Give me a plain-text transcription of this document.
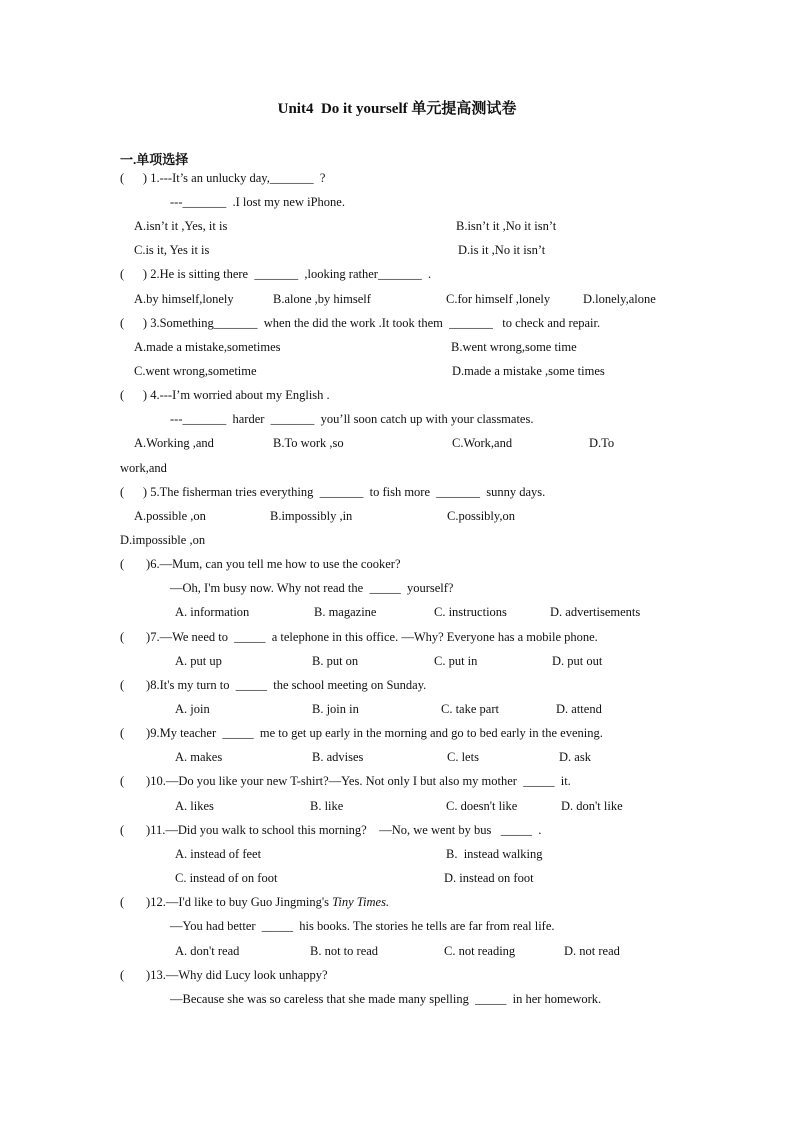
Unit4  Do it yourself 单元提高测试卷
一.单项选择
(      ) 1.---It’s an unlucky day,_______  ?
---_______  .I lost my new iPhone.
A.isn’t it ,Yes, it is	B.isn’t it ,No it isn’t
C.is it, Yes it is	D.is it ,No it isn’t
(      ) 2.He is sitting there  _______  ,looking rather_______  .
A.by himself,lonely	B.alone ,by himself	C.for himself ,lonely	D.lonely,alone
(      ) 3.Something_______  when the did the work .It took them  _______   to check and repair.
A.made a mistake,sometimes	B.went wrong,some time
C.went wrong,sometime	D.made a mistake ,some times
(      ) 4.---I’m worried about my English .
---_______  harder  _______  you’ll soon catch up with your classmates.
A.Working ,and	B.To work ,so	C.Work,and	D.To
work,and
(      ) 5.The fisherman tries everything  _______  to fish more  _______  sunny days.
A.possible ,on	B.impossibly ,in	C.possibly,on
D.impossible ,on
(       )6.—Mum, can you tell me how to use the cooker?
—Oh, I'm busy now. Why not read the  _____  yourself?
A. information	B. magazine	C. instructions	D. advertisements
(       )7.—We need to  _____  a telephone in this office. —Why? Everyone has a mobile phone.
A. put up	B. put on	C. put in	D. put out
(       )8.It's my turn to  _____  the school meeting on Sunday.
A. join	B. join in	C. take part	D. attend
(       )9.My teacher  _____  me to get up early in the morning and go to bed early in the evening.
A. makes	B. advises	C. lets	D. ask
(       )10.—Do you like your new T-shirt?—Yes. Not only I but also my mother  _____  it.
A. likes	B. like	C. doesn't like	D. don't like
(       )11.—Did you walk to school this morning?    —No, we went by bus   _____  .
A. instead of feet	B.  instead walking
C. instead of on foot	D. instead on foot
(       )12.—I'd like to buy Guo Jingming's Tiny Times.
—You had better  _____  his books. The stories he tells are far from real life.
A. don't read	B. not to read	C. not reading	D. not read
(       )13.—Why did Lucy look unhappy?
—Because she was so careless that she made many spelling  _____  in her homework.
